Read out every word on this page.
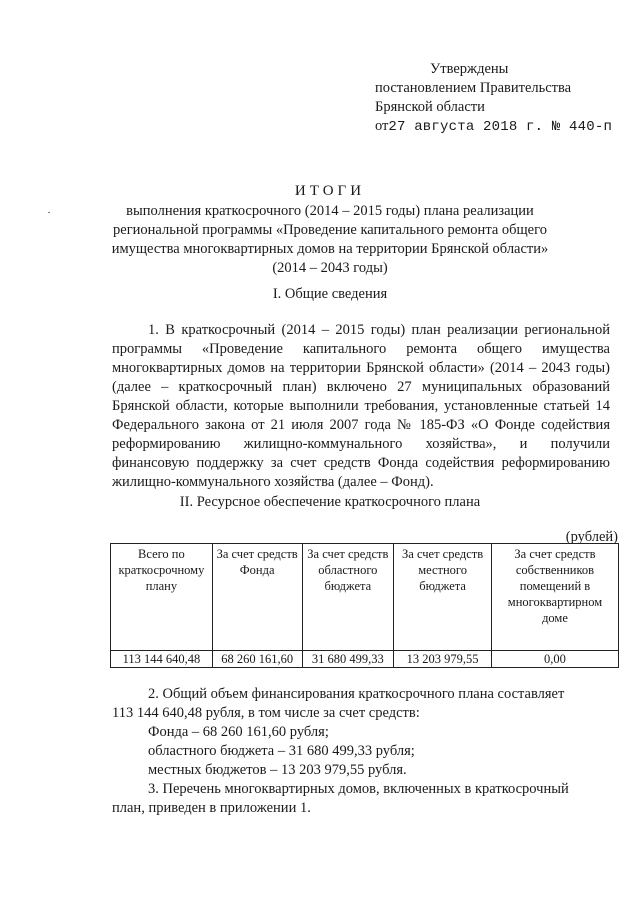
Утверждены
постановлением Правительства
Брянской области
от27 августа 2018 г. № 440-п
ИТОГИ
выполнения краткосрочного (2014 – 2015 годы) плана реализации
региональной программы «Проведение капитального ремонта общего
имущества многоквартирных домов на территории Брянской области»
(2014 – 2043 годы)
I. Общие сведения
1. В краткосрочный (2014 – 2015 годы) план реализации региональной программы «Проведение капитального ремонта общего имущества многоквартирных домов на территории Брянской области» (2014 – 2043 годы) (далее – краткосрочный план) включено 27 муниципальных образований Брянской области, которые выполнили требования, установленные статьей 14 Федерального закона от 21 июля 2007 года № 185-ФЗ «О Фонде содействия реформированию жилищно-коммунального хозяйства», и получили финансовую поддержку за счет средств Фонда содействия реформированию жилищно-коммунального хозяйства (далее – Фонд).
II. Ресурсное обеспечение краткосрочного плана
(рублей)
Всего по краткосрочному плану	За счет средств Фонда	За счет средств областного бюджета	За счет средств местного бюджета	За счет средств собственников помещений в многоквартирном доме
113 144 640,48	68 260 161,60	31 680 499,33	13 203 979,55	0,00
2. Общий объем финансирования краткосрочного плана составляет
113 144 640,48 рубля, в том числе за счет средств:
Фонда – 68 260 161,60 рубля;
областного бюджета – 31 680 499,33 рубля;
местных бюджетов – 13 203 979,55 рубля.
3. Перечень многоквартирных домов, включенных в краткосрочный
план, приведен в приложении 1.
